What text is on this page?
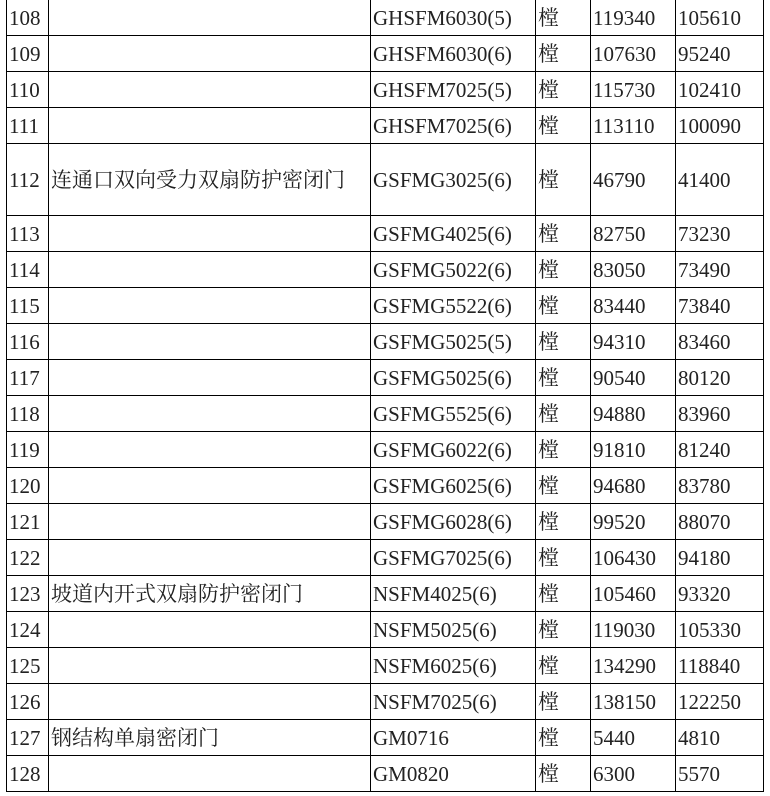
108		GHSFM6030(5)	樘	119340	105610
109		GHSFM6030(6)	樘	107630	95240
110		GHSFM7025(5)	樘	115730	102410
111		GHSFM7025(6)	樘	113110	100090
112	连通口双向受力双扇防护密闭门	GSFMG3025(6)	樘	46790	41400
113		GSFMG4025(6)	樘	82750	73230
114		GSFMG5022(6)	樘	83050	73490
115		GSFMG5522(6)	樘	83440	73840
116		GSFMG5025(5)	樘	94310	83460
117		GSFMG5025(6)	樘	90540	80120
118		GSFMG5525(6)	樘	94880	83960
119		GSFMG6022(6)	樘	91810	81240
120		GSFMG6025(6)	樘	94680	83780
121		GSFMG6028(6)	樘	99520	88070
122		GSFMG7025(6)	樘	106430	94180
123	坡道内开式双扇防护密闭门	NSFM4025(6)	樘	105460	93320
124		NSFM5025(6)	樘	119030	105330
125		NSFM6025(6)	樘	134290	118840
126		NSFM7025(6)	樘	138150	122250
127	钢结构单扇密闭门	GM0716	樘	5440	4810
128		GM0820	樘	6300	5570
